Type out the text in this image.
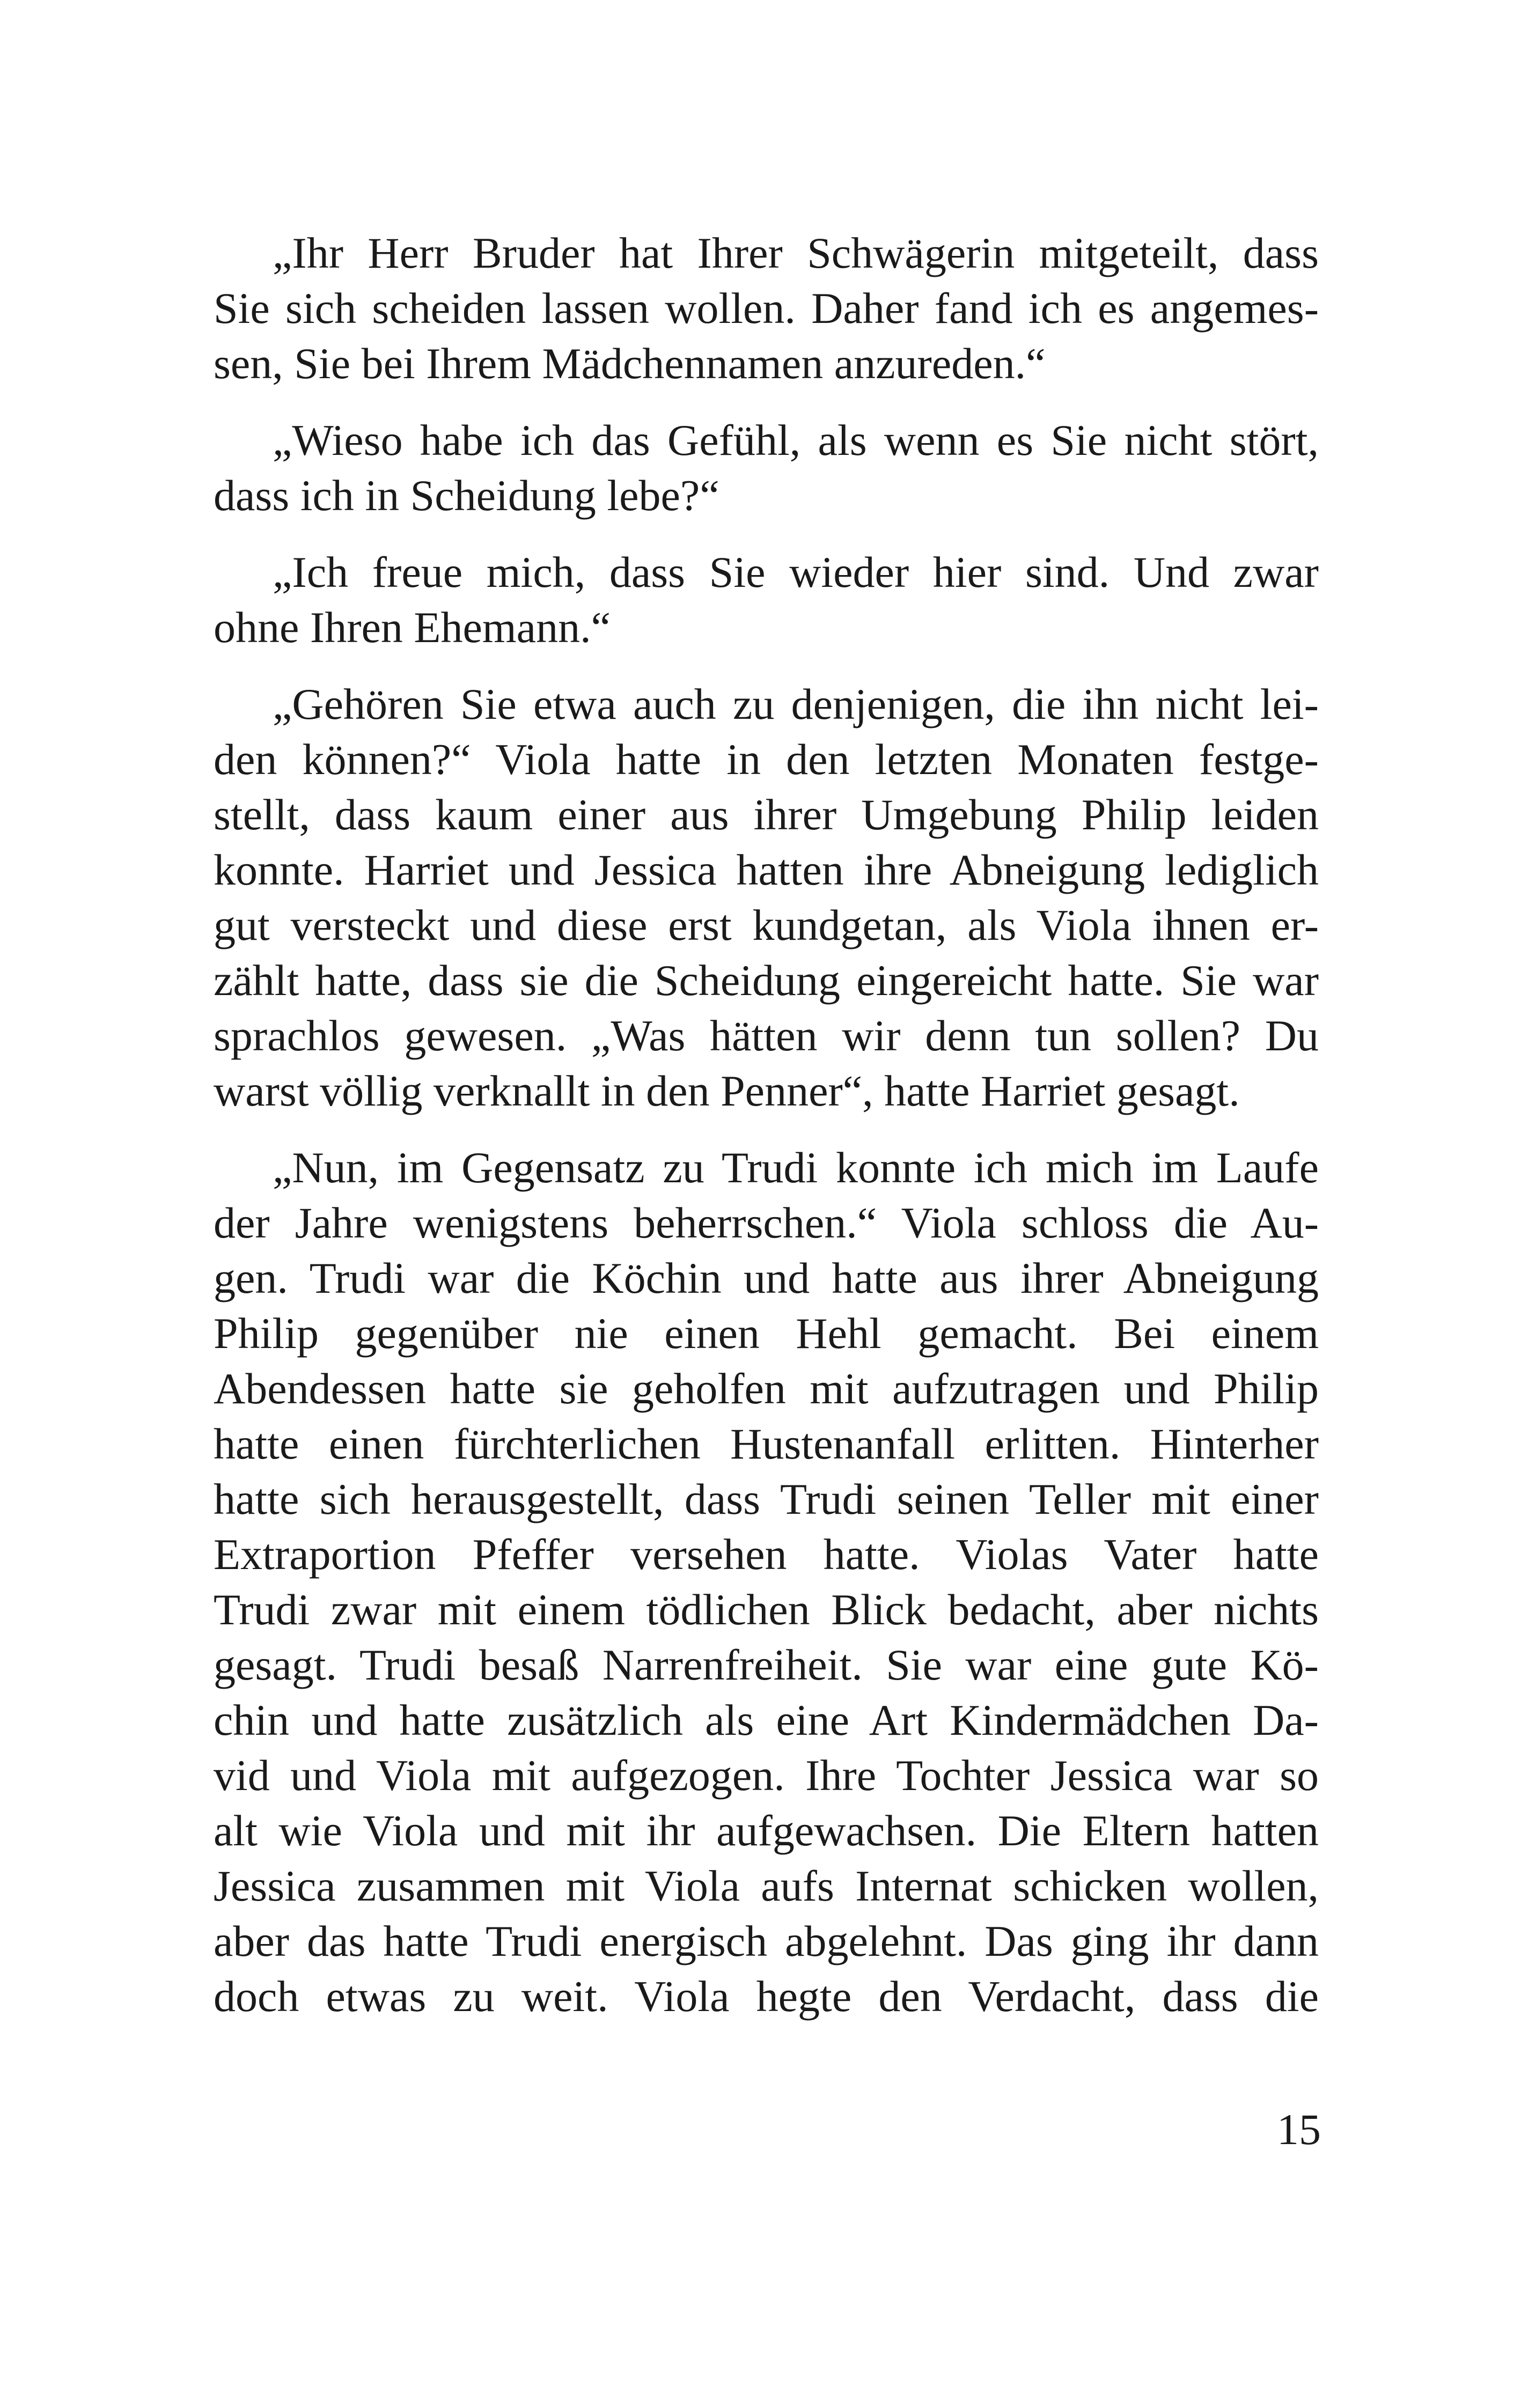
„Ihr Herr Bruder hat Ihrer Schwägerin mitgeteilt, dass
Sie sich scheiden lassen wollen. Daher fand ich es angemes-
sen, Sie bei Ihrem Mädchennamen anzureden.“
„Wieso habe ich das Gefühl, als wenn es Sie nicht stört,
dass ich in Scheidung lebe?“
„Ich freue mich, dass Sie wieder hier sind. Und zwar
ohne Ihren Ehemann.“
„Gehören Sie etwa auch zu denjenigen, die ihn nicht lei-
den können?“ Viola hatte in den letzten Monaten festge-
stellt, dass kaum einer aus ihrer Umgebung Philip leiden
konnte. Harriet und Jessica hatten ihre Abneigung lediglich
gut versteckt und diese erst kundgetan, als Viola ihnen er-
zählt hatte, dass sie die Scheidung eingereicht hatte. Sie war
sprachlos gewesen. „Was hätten wir denn tun sollen? Du
warst völlig verknallt in den Penner“, hatte Harriet gesagt.
„Nun, im Gegensatz zu Trudi konnte ich mich im Laufe
der Jahre wenigstens beherrschen.“ Viola schloss die Au-
gen. Trudi war die Köchin und hatte aus ihrer Abneigung
Philip gegenüber nie einen Hehl gemacht. Bei einem
Abendessen hatte sie geholfen mit aufzutragen und Philip
hatte einen fürchterlichen Hustenanfall erlitten. Hinterher
hatte sich herausgestellt, dass Trudi seinen Teller mit einer
Extraportion Pfeffer versehen hatte. Violas Vater hatte
Trudi zwar mit einem tödlichen Blick bedacht, aber nichts
gesagt. Trudi besaß Narrenfreiheit. Sie war eine gute Kö-
chin und hatte zusätzlich als eine Art Kindermädchen Da-
vid und Viola mit aufgezogen. Ihre Tochter Jessica war so
alt wie Viola und mit ihr aufgewachsen. Die Eltern hatten
Jessica zusammen mit Viola aufs Internat schicken wollen,
aber das hatte Trudi energisch abgelehnt. Das ging ihr dann
doch etwas zu weit. Viola hegte den Verdacht, dass die
15
